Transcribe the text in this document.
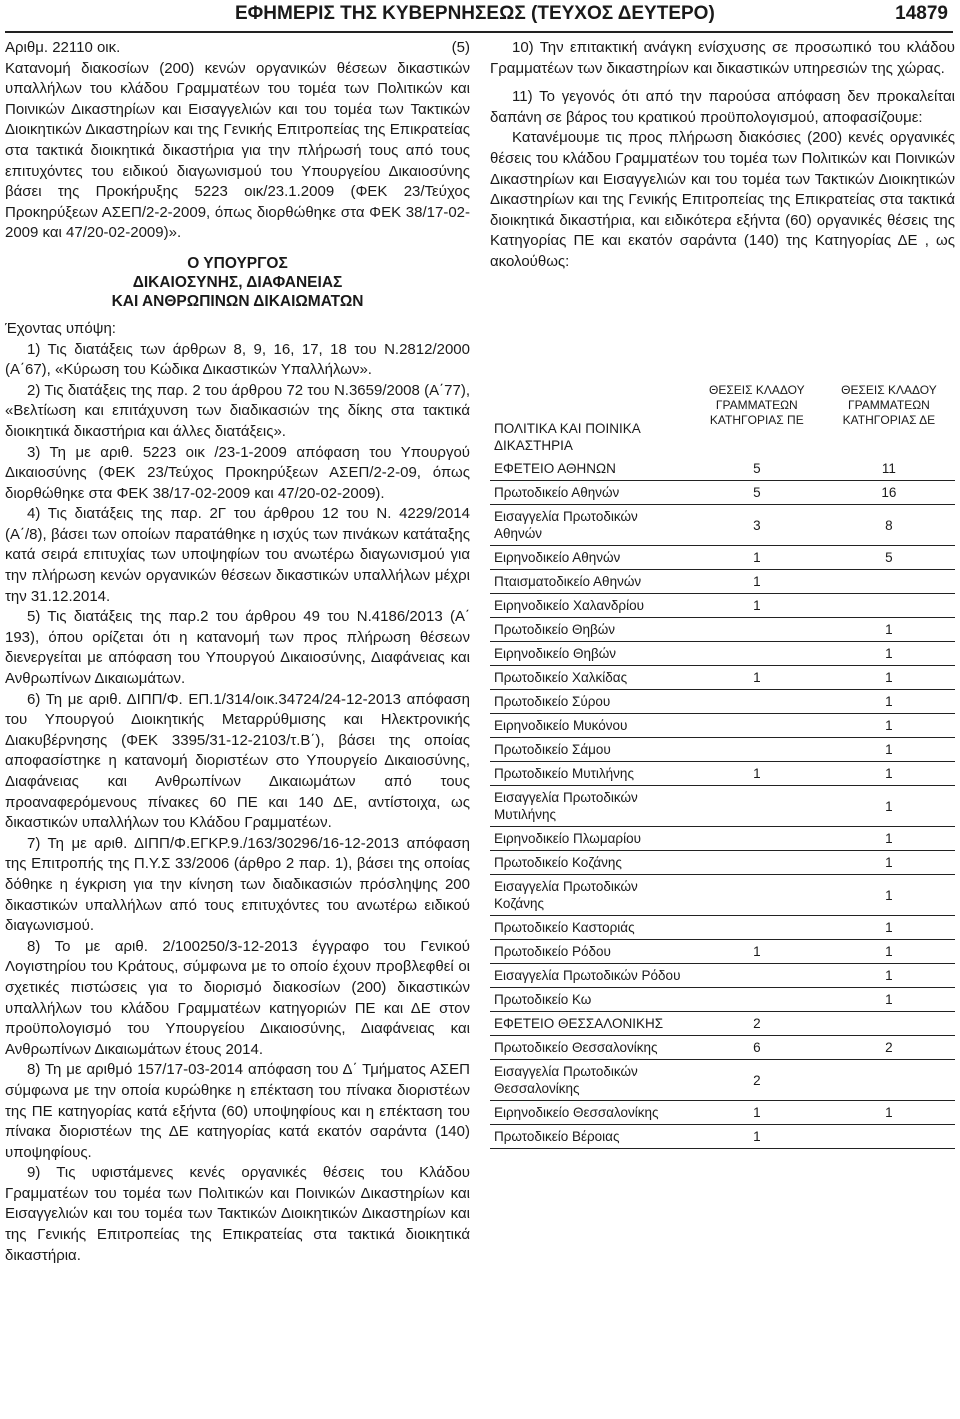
ΕΦΗΜΕΡΙΣ ΤΗΣ ΚΥΒΕΡΝΗΣΕΩΣ (ΤΕΥΧΟΣ ΔΕΥΤΕΡΟ)	14879

Αριθμ. 22110 οικ.	(5)

Κατανομή διακοσίων (200) κενών οργανικών θέσεων δικαστικών υπαλλήλων του κλάδου Γραμματέων του τομέα των Πολιτικών και Ποινικών Δικαστηρίων και Εισαγγελιών και του τομέα των Τακτικών Διοικητικών Δικαστηρίων και της Γενικής Επιτροπείας της Επικρατείας στα τακτικά διοικητικά δικαστήρια για την πλήρωσή τους από τους επιτυχόντες του ειδικού διαγωνισμού του Υπουργείου Δικαιοσύνης βάσει της Προκήρυξης 5223 οικ/23.1.2009 (ΦΕΚ 23/Τεύχος Προκηρύξεων ΑΣΕΠ/2-2-2009, όπως διορθώθηκε στα ΦΕΚ 38/17-02-2009 και 47/20-02-2009)».

Ο ΥΠΟΥΡΓΟΣ
ΔΙΚΑΙΟΣΥΝΗΣ, ΔΙΑΦΑΝΕΙΑΣ
ΚΑΙ ΑΝΘΡΩΠΙΝΩΝ ΔΙΚΑΙΩΜΑΤΩΝ

Έχοντας υπόψη:

1) Τις διατάξεις των άρθρων 8, 9, 16, 17, 18 του Ν.2812/2000 (Α΄67), «Κύρωση του Κώδικα Δικαστικών Υπαλλήλων».

2) Τις διατάξεις της παρ. 2 του άρθρου 72 του Ν.3659/2008 (Α΄77), «Βελτίωση και επιτάχυνση των διαδικασιών της δίκης στα τακτικά διοικητικά δικαστήρια και άλλες διατάξεις».

3) Τη με αριθ. 5223 οικ /23-1-2009 απόφαση του Υπουργού Δικαιοσύνης (ΦΕΚ 23/Τεύχος Προκηρύξεων ΑΣΕΠ/2-2-09, όπως διορθώθηκε στα ΦΕΚ 38/17-02-2009 και 47/20-02-2009).

4) Τις διατάξεις της παρ. 2Γ του άρθρου 12 του Ν. 4229/2014 (Α΄/8), βάσει των οποίων παρατάθηκε η ισχύς των πινάκων κατάταξης κατά σειρά επιτυχίας των υποψηφίων του ανωτέρω διαγωνισμού για την πλήρωση κενών οργανικών θέσεων δικαστικών υπαλλήλων μέχρι την 31.12.2014.

5) Τις διατάξεις της παρ.2 του άρθρου 49 του Ν.4186/2013 (Α΄ 193), όπου ορίζεται ότι η κατανομή των προς πλήρωση θέσεων διενεργείται με απόφαση του Υπουργού Δικαιοσύνης, Διαφάνειας και Ανθρωπίνων Δικαιωμάτων.

6) Τη με αριθ. ΔΙΠΠ/Φ. ΕΠ.1/314/οικ.34724/24-12-2013 απόφαση του Υπουργού Διοικητικής Μεταρρύθμισης και Ηλεκτρονικής Διακυβέρνησης (ΦΕΚ 3395/31-12-2103/τ.Β΄), βάσει της οποίας αποφασίστηκε η κατανομή διοριστέων στο Υπουργείο Δικαιοσύνης, Διαφάνειας και Ανθρωπίνων Δικαιωμάτων από τους προαναφερόμενους πίνακες 60 ΠΕ και 140 ΔΕ, αντίστοιχα, ως δικαστικών υπαλλήλων του Κλάδου Γραμματέων.

7) Τη με αριθ. ΔΙΠΠ/Φ.ΕΓΚΡ.9./163/30296/16-12-2013 απόφαση της Επιτροπής της Π.Υ.Σ 33/2006 (άρθρο 2 παρ. 1), βάσει της οποίας δόθηκε η έγκριση για την κίνηση των διαδικασιών πρόσληψης 200 δικαστικών υπαλλήλων από τους επιτυχόντες του ανωτέρω ειδικού διαγωνισμού.

8) Το με αριθ. 2/100250/3-12-2013 έγγραφο του Γενικού Λογιστηρίου του Κράτους, σύμφωνα με το οποίο έχουν προβλεφθεί οι σχετικές πιστώσεις για το διορισμό διακοσίων (200) δικαστικών υπαλλήλων του κλάδου Γραμματέων κατηγοριών ΠΕ και ΔΕ στον προϋπολογισμό του Υπουργείου Δικαιοσύνης, Διαφάνειας και Ανθρωπίνων Δικαιωμάτων έτους 2014.

8) Τη με αριθμό 157/17-03-2014 απόφαση του Δ΄ Τμήματος ΑΣΕΠ σύμφωνα με την οποία κυρώθηκε η επέκταση του πίνακα διοριστέων της ΠΕ κατηγορίας κατά εξήντα (60) υποψηφίους και η επέκταση του πίνακα διοριστέων της ΔΕ κατηγορίας κατά εκατόν σαράντα (140) υποψηφίους.

9) Τις υφιστάμενες κενές οργανικές θέσεις του Κλάδου Γραμματέων του τομέα των Πολιτικών και Ποινικών Δικαστηρίων και Εισαγγελιών και του τομέα των Τακτικών Διοικητικών Δικαστηρίων και της Γενικής Επιτροπείας της Επικρατείας στα τακτικά διοικητικά δικαστήρια.

10) Την επιτακτική ανάγκη ενίσχυσης σε προσωπικό του κλάδου Γραμματέων των δικαστηρίων και δικαστικών υπηρεσιών της χώρας.

11) Το γεγονός ότι από την παρούσα απόφαση δεν προκαλείται δαπάνη σε βάρος του κρατικού προϋπολογισμού, αποφασίζουμε:

Κατανέμουμε τις προς πλήρωση διακόσιες (200) κενές οργανικές θέσεις του κλάδου Γραμματέων του τομέα των Πολιτικών και Ποινικών Δικαστηρίων και Εισαγγελιών και του τομέα των Τακτικών Διοικητικών Δικαστηρίων και της Γενικής Επιτροπείας της Επικρατείας στα τακτικά διοικητικά δικαστήρια, και ειδικότερα εξήντα (60) οργανικές θέσεις της Κατηγορίας ΠΕ και εκατόν σαράντα (140) της Κατηγορίας ΔΕ , ως ακολούθως:

ΠΟΛΙΤΙΚΑ ΚΑΙ ΠΟΙΝΙΚΑ ΔΙΚΑΣΤΗΡΙΑ	ΘΕΣΕΙΣ ΚΛΑΔΟΥ ΓΡΑΜΜΑΤΕΩΝ ΚΑΤΗΓΟΡΙΑΣ ΠΕ	ΘΕΣΕΙΣ ΚΛΑΔΟΥ ΓΡΑΜΜΑΤΕΩΝ ΚΑΤΗΓΟΡΙΑΣ ΔΕ
ΕΦΕΤΕΙΟ ΑΘΗΝΩΝ	5	11
Πρωτοδικείο Αθηνών	5	16
Εισαγγελία Πρωτοδικών Αθηνών	3	8
Ειρηνοδικείο Αθηνών	1	5
Πταισματοδικείο Αθηνών	1	
Ειρηνοδικείο Χαλανδρίου	1	
Πρωτοδικείο Θηβών		1
Ειρηνοδικείο Θηβών		1
Πρωτοδικείο Χαλκίδας	1	1
Πρωτοδικείο Σύρου		1
Ειρηνοδικείο Μυκόνου		1
Πρωτοδικείο Σάμου		1
Πρωτοδικείο Μυτιλήνης	1	1
Εισαγγελία Πρωτοδικών Μυτιλήνης		1
Ειρηνοδικείο Πλωμαρίου		1
Πρωτοδικείο Κοζάνης		1
Εισαγγελία Πρωτοδικών Κοζάνης		1
Πρωτοδικείο Καστοριάς		1
Πρωτοδικείο Ρόδου	1	1
Εισαγγελία Πρωτοδικών Ρόδου		1
Πρωτοδικείο Κω		1
ΕΦΕΤΕΙΟ ΘΕΣΣΑΛΟΝΙΚΗΣ	2	
Πρωτοδικείο Θεσσαλονίκης	6	2
Εισαγγελία Πρωτοδικών Θεσσαλονίκης	2	
Ειρηνοδικείο Θεσσαλονίκης	1	1
Πρωτοδικείο Βέροιας	1	
